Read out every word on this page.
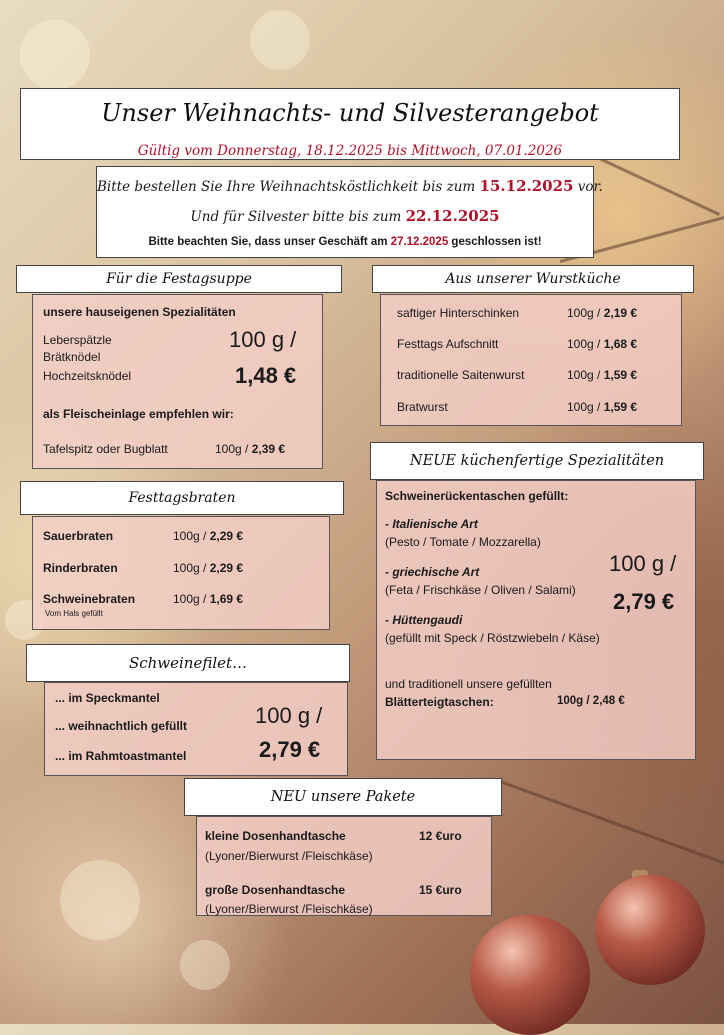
Unser Weihnachts- und Silvesterangebot
Gültig vom Donnerstag, 18.12.2025 bis Mittwoch, 07.01.2026
Bitte bestellen Sie Ihre Weihnachtsköstlichkeit bis zum 15.12.2025 vor.
Und für Silvester bitte bis zum 22.12.2025
Bitte beachten Sie, dass unser Geschäft am 27.12.2025 geschlossen ist!
Für die Festagsuppe
unsere hauseigenen Spezialitäten
Leberspätzle
Brätknödel
Hochzeitsknödel
100 g /
1,48 €
als Fleischeinlage empfehlen wir:
Tafelspitz oder Bugblatt	100g / 2,39 €
Aus unserer Wurstküche
saftiger Hinterschinken	100g / 2,19 €
Festtags Aufschnitt	100g / 1,68 €
traditionelle Saitenwurst	100g / 1,59 €
Bratwurst	100g / 1,59 €
Festtagsbraten
Sauerbraten	100g / 2,29 €
Rinderbraten	100g / 2,29 €
Schweinebraten	100g / 1,69 €
Vom Hals gefüllt
NEUE küchenfertige Spezialitäten
Schweinerückentaschen gefüllt:
- Italienische Art
(Pesto / Tomate / Mozzarella)
- griechische Art
(Feta / Frischkäse / Oliven / Salami)
- Hüttengaudi
(gefüllt mit Speck / Röstzwiebeln / Käse)
100 g /
2,79 €
und traditionell unsere gefüllten
Blätterteigtaschen:	100g / 2,48 €
Schweinefilet…
... im Speckmantel
... weihnachtlich gefüllt
... im Rahmtoastmantel
100 g /
2,79 €
NEU unsere Pakete
kleine Dosenhandtasche	12 €uro
(Lyoner/Bierwurst /Fleischkäse)
große Dosenhandtasche	15 €uro
(Lyoner/Bierwurst /Fleischkäse)
